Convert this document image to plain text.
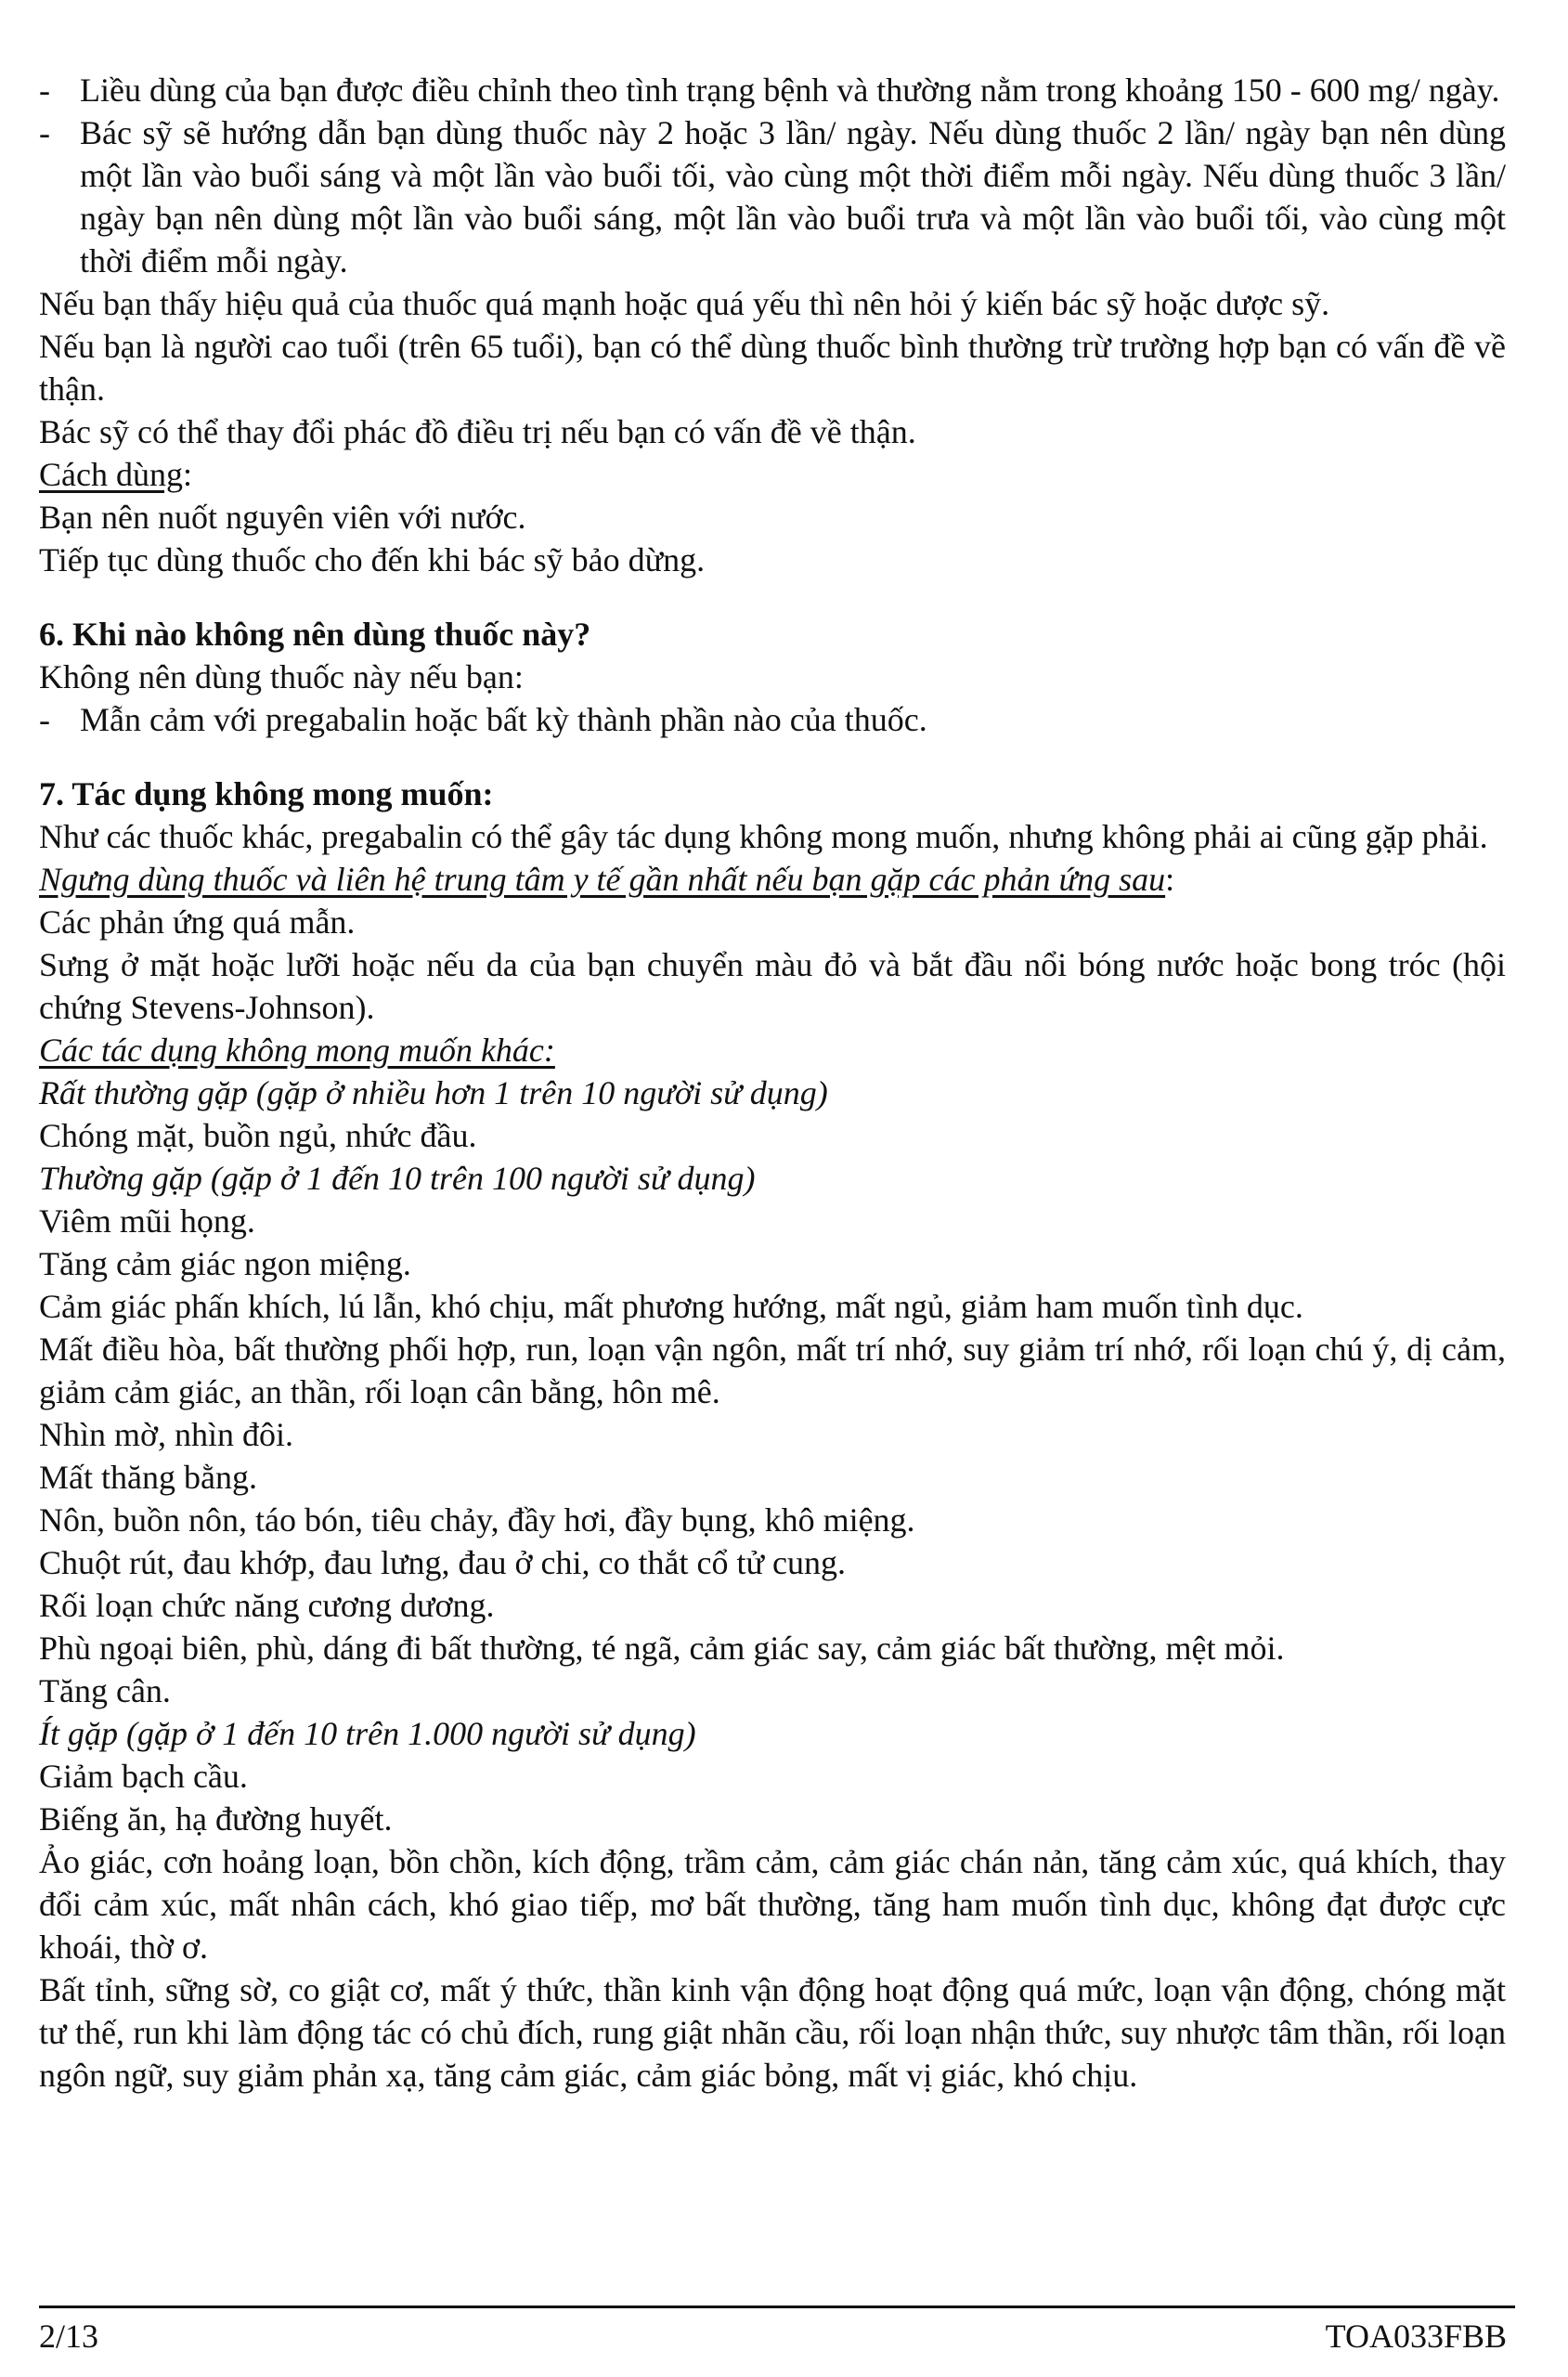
- Liều dùng của bạn được điều chỉnh theo tình trạng bệnh và thường nằm trong khoảng 150 - 600 mg/ ngày.

- Bác sỹ sẽ hướng dẫn bạn dùng thuốc này 2 hoặc 3 lần/ ngày. Nếu dùng thuốc 2 lần/ ngày bạn nên dùng một lần vào buổi sáng và một lần vào buổi tối, vào cùng một thời điểm mỗi ngày. Nếu dùng thuốc 3 lần/ ngày bạn nên dùng một lần vào buổi sáng, một lần vào buổi trưa và một lần vào buổi tối, vào cùng một thời điểm mỗi ngày.

Nếu bạn thấy hiệu quả của thuốc quá mạnh hoặc quá yếu thì nên hỏi ý kiến bác sỹ hoặc dược sỹ.

Nếu bạn là người cao tuổi (trên 65 tuổi), bạn có thể dùng thuốc bình thường trừ trường hợp bạn có vấn đề về thận.

Bác sỹ có thể thay đổi phác đồ điều trị nếu bạn có vấn đề về thận.

Cách dùng:

Bạn nên nuốt nguyên viên với nước.

Tiếp tục dùng thuốc cho đến khi bác sỹ bảo dừng.

6. Khi nào không nên dùng thuốc này?

Không nên dùng thuốc này nếu bạn:

- Mẫn cảm với pregabalin hoặc bất kỳ thành phần nào của thuốc.

7. Tác dụng không mong muốn:

Như các thuốc khác, pregabalin có thể gây tác dụng không mong muốn, nhưng không phải ai cũng gặp phải.

Ngưng dùng thuốc và liên hệ trung tâm y tế gần nhất nếu bạn gặp các phản ứng sau:

Các phản ứng quá mẫn.

Sưng ở mặt hoặc lưỡi hoặc nếu da của bạn chuyển màu đỏ và bắt đầu nổi bóng nước hoặc bong tróc (hội chứng Stevens-Johnson).

Các tác dụng không mong muốn khác:

Rất thường gặp (gặp ở nhiều hơn 1 trên 10 người sử dụng)

Chóng mặt, buồn ngủ, nhức đầu.

Thường gặp (gặp ở 1 đến 10 trên 100 người sử dụng)

Viêm mũi họng.

Tăng cảm giác ngon miệng.

Cảm giác phấn khích, lú lẫn, khó chịu, mất phương hướng, mất ngủ, giảm ham muốn tình dục.

Mất điều hòa, bất thường phối hợp, run, loạn vận ngôn, mất trí nhớ, suy giảm trí nhớ, rối loạn chú ý, dị cảm, giảm cảm giác, an thần, rối loạn cân bằng, hôn mê.

Nhìn mờ, nhìn đôi.

Mất thăng bằng.

Nôn, buồn nôn, táo bón, tiêu chảy, đầy hơi, đầy bụng, khô miệng.

Chuột rút, đau khớp, đau lưng, đau ở chi, co thắt cổ tử cung.

Rối loạn chức năng cương dương.

Phù ngoại biên, phù, dáng đi bất thường, té ngã, cảm giác say, cảm giác bất thường, mệt mỏi.

Tăng cân.

Ít gặp (gặp ở 1 đến 10 trên 1.000 người sử dụng)

Giảm bạch cầu.

Biếng ăn, hạ đường huyết.

Ảo giác, cơn hoảng loạn, bồn chồn, kích động, trầm cảm, cảm giác chán nản, tăng cảm xúc, quá khích, thay đổi cảm xúc, mất nhân cách, khó giao tiếp, mơ bất thường, tăng ham muốn tình dục, không đạt được cực khoái, thờ ơ.

Bất tỉnh, sững sờ, co giật cơ, mất ý thức, thần kinh vận động hoạt động quá mức, loạn vận động, chóng mặt tư thế, run khi làm động tác có chủ đích, rung giật nhãn cầu, rối loạn nhận thức, suy nhược tâm thần, rối loạn ngôn ngữ, suy giảm phản xạ, tăng cảm giác, cảm giác bỏng, mất vị giác, khó chịu.

2/13	TOA033FBB
